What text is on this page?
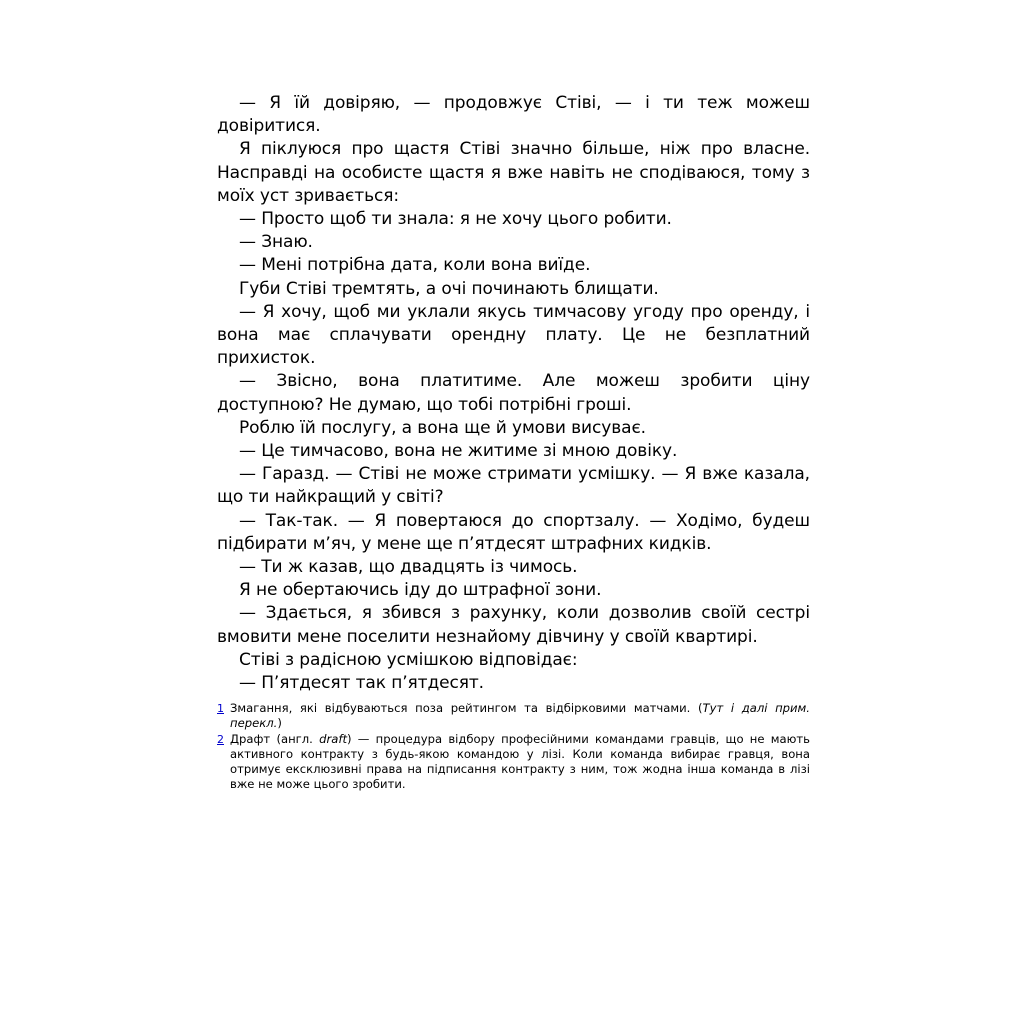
— Я їй довіряю, — продовжує Стіві, — і ти теж можеш довіритися.

Я піклуюся про щастя Стіві значно більше, ніж про власне. Насправді на особисте щастя я вже навіть не сподіваюся, тому з моїх уст зривається:

— Просто щоб ти знала: я не хочу цього робити.

— Знаю.

— Мені потрібна дата, коли вона виїде.

Губи Стіві тремтять, а очі починають блищати.

— Я хочу, щоб ми уклали якусь тимчасову угоду про оренду, і вона має сплачувати орендну плату. Це не безплатний прихисток.

— Звісно, вона платитиме. Але можеш зробити ціну доступною? Не думаю, що тобі потрібні гроші.

Роблю їй послугу, а вона ще й умови висуває.

— Це тимчасово, вона не житиме зі мною довіку.

— Гаразд. — Стіві не може стримати усмішку. — Я вже казала, що ти найкращий у світі?

— Так-так. — Я повертаюся до спортзалу. — Ходімо, будеш підбирати м’яч, у мене ще п’ятдесят штрафних кидків.

— Ти ж казав, що двадцять із чимось.

Я не обертаючись іду до штрафної зони.

— Здається, я збився з рахунку, коли дозволив своїй сестрі вмовити мене поселити незнайому дівчину у своїй квартирі.

Стіві з радісною усмішкою відповідає:

— П’ятдесят так п’ятдесят.

1 Змагання, які відбуваються поза рейтингом та відбірковими матчами. (Тут і далі прим. перекл.)
2 Драфт (англ. draft) — процедура відбору професійними командами гравців, що не мають активного контракту з будь-якою командою у лізі. Коли команда вибирає гравця, вона отримує ексклюзивні права на підписання контракту з ним, тож жодна інша команда в лізі вже не може цього зробити.
